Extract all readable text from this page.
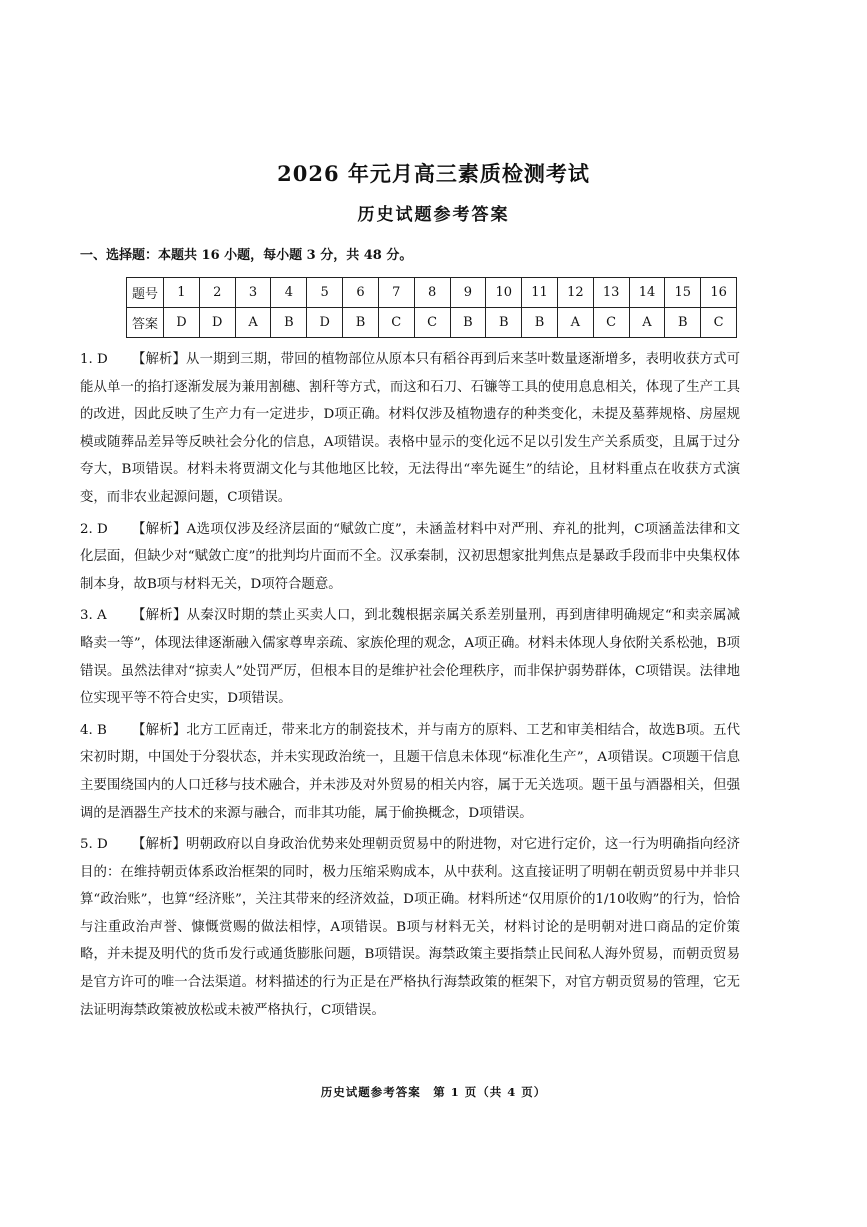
2026 年元月高三素质检测考试
历史试题参考答案
一、选择题：本题共 16 小题，每小题 3 分，共 48 分。
题号	1	2	3	4	5	6	7	8	9	10	11	12	13	14	15	16
答案	D	D	A	B	D	B	C	C	B	B	B	A	C	A	B	C
1. D	【解析】从一期到三期，带回的植物部位从原本只有稻谷再到后来茎叶数量逐渐增多，表明收获方式可能从单一的掐打逐渐发展为兼用割穗、割秆等方式，而这和石刀、石镰等工具的使用息息相关，体现了生产工具的改进，因此反映了生产力有一定进步，D项正确。材料仅涉及植物遗存的种类变化，未提及墓葬规格、房屋规模或随葬品差异等反映社会分化的信息，A项错误。表格中显示的变化远不足以引发生产关系质变，且属于过分夸大，B项错误。材料未将贾湖文化与其他地区比较，无法得出“率先诞生”的结论，且材料重点在收获方式演变，而非农业起源问题，C项错误。
2. D	【解析】A选项仅涉及经济层面的“赋敛亡度”，未涵盖材料中对严刑、弃礼的批判，C项涵盖法律和文化层面，但缺少对“赋敛亡度”的批判均片面而不全。汉承秦制，汉初思想家批判焦点是暴政手段而非中央集权体制本身，故B项与材料无关，D项符合题意。
3. A	【解析】从秦汉时期的禁止买卖人口，到北魏根据亲属关系差别量刑，再到唐律明确规定“和卖亲属减略卖一等”，体现法律逐渐融入儒家尊卑亲疏、家族伦理的观念，A项正确。材料未体现人身依附关系松弛，B项错误。虽然法律对“掠卖人”处罚严厉，但根本目的是维护社会伦理秩序，而非保护弱势群体，C项错误。法律地位实现平等不符合史实，D项错误。
4. B	【解析】北方工匠南迁，带来北方的制瓷技术，并与南方的原料、工艺和审美相结合，故选B项。五代宋初时期，中国处于分裂状态，并未实现政治统一，且题干信息未体现“标准化生产”，A项错误。C项题干信息主要围绕国内的人口迁移与技术融合，并未涉及对外贸易的相关内容，属于无关选项。题干虽与酒器相关，但强调的是酒器生产技术的来源与融合，而非其功能，属于偷换概念，D项错误。
5. D	【解析】明朝政府以自身政治优势来处理朝贡贸易中的附进物，对它进行定价，这一行为明确指向经济目的：在维持朝贡体系政治框架的同时，极力压缩采购成本，从中获利。这直接证明了明朝在朝贡贸易中并非只算“政治账”，也算“经济账”，关注其带来的经济效益，D项正确。材料所述“仅用原价的1/10收购”的行为，恰恰与注重政治声誉、慷慨赏赐的做法相悖，A项错误。B项与材料无关，材料讨论的是明朝对进口商品的定价策略，并未提及明代的货币发行或通货膨胀问题，B项错误。海禁政策主要指禁止民间私人海外贸易，而朝贡贸易是官方许可的唯一合法渠道。材料描述的行为正是在严格执行海禁政策的框架下，对官方朝贡贸易的管理，它无法证明海禁政策被放松或未被严格执行，C项错误。
历史试题参考答案　第 1 页（共 4 页）
